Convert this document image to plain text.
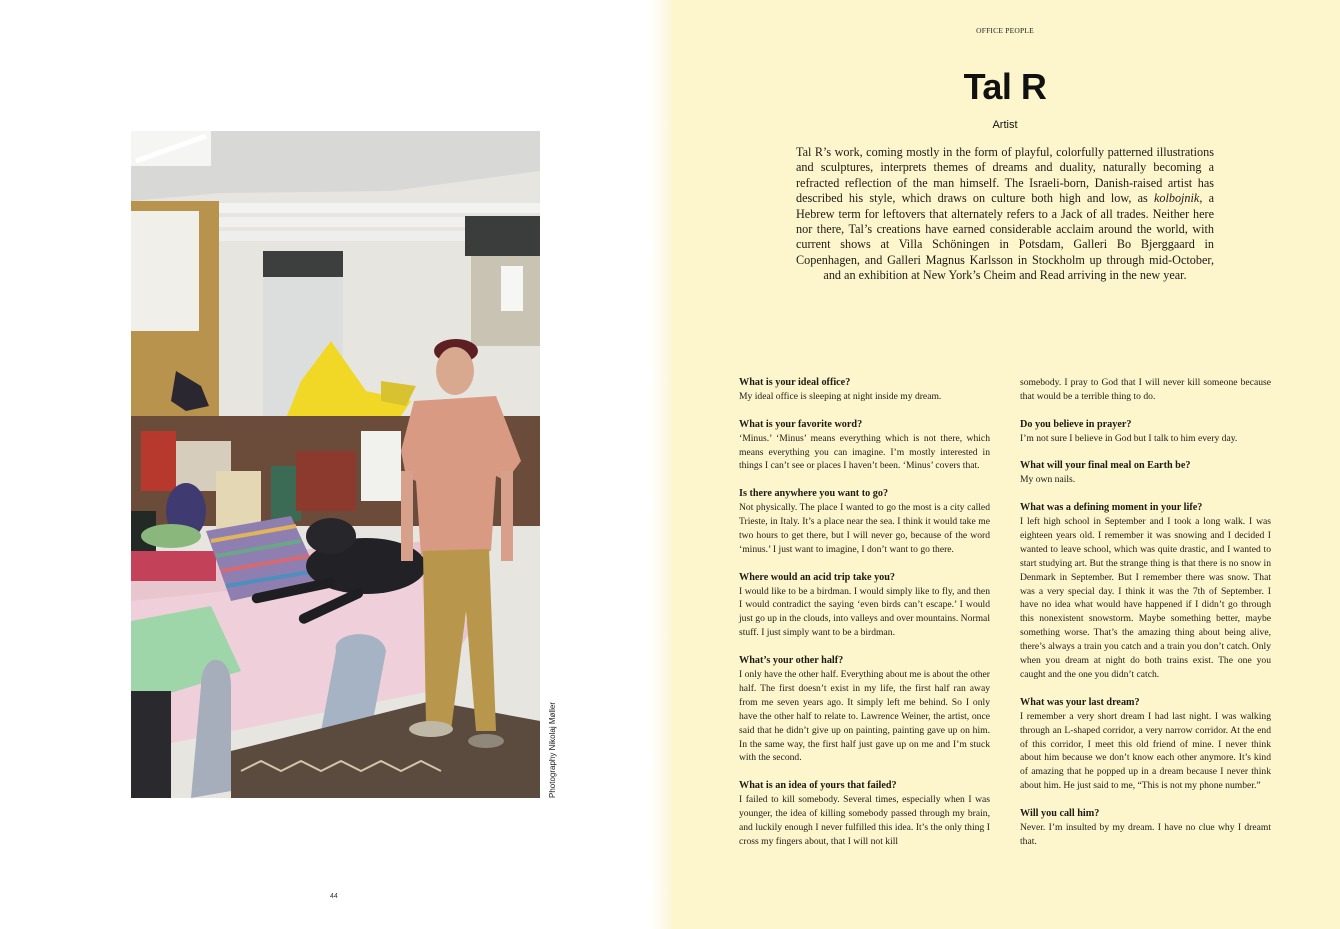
Photography Nikolaj Møller
44
OFFICE PEOPLE
Tal R
Artist

Tal R’s work, coming mostly in the form of playful, colorfully patterned illustrations and sculptures, interprets themes of dreams and duality, naturally becoming a refracted reflection of the man himself. The Israeli-born, Danish-raised artist has described his style, which draws on culture both high and low, as kolbojnik, a Hebrew term for leftovers that alternately refers to a Jack of all trades. Neither here nor there, Tal’s creations have earned considerable acclaim around the world, with current shows at Villa Schöningen in Potsdam, Galleri Bo Bjerggaard in Copenhagen, and Galleri Magnus Karlsson in Stockholm up through mid-October, and an exhibition at New York’s Cheim and Read arriving in the new year.

What is your ideal office?
My ideal office is sleeping at night inside my dream.
What is your favorite word?
‘Minus.’ ‘Minus’ means everything which is not there, which means everything you can imagine. I’m mostly interested in things I can’t see or places I haven’t been. ‘Minus’ covers that.
Is there anywhere you want to go?
Not physically. The place I wanted to go the most is a city called Trieste, in Italy. It’s a place near the sea. I think it would take me two hours to get there, but I will never go, because of the word ‘minus.’ I just want to imagine, I don’t want to go there.
Where would an acid trip take you?
I would like to be a birdman. I would simply like to fly, and then I would contradict the saying ‘even birds can’t escape.’ I would just go up in the clouds, into valleys and over mountains. Normal stuff. I just simply want to be a birdman.
What’s your other half?
I only have the other half. Everything about me is about the other half. The first doesn’t exist in my life, the first half ran away from me seven years ago. It simply left me behind. So I only have the other half to relate to. Lawrence Weiner, the artist, once said that he didn’t give up on painting, painting gave up on him. In the same way, the first half just gave up on me and I’m stuck with the second.
What is an idea of yours that failed?
I failed to kill somebody. Several times, especially when I was younger, the idea of killing somebody passed through my brain, and luckily enough I never fulfilled this idea. It’s the only thing I cross my fingers about, that I will not kill
somebody. I pray to God that I will never kill someone because that would be a terrible thing to do.
Do you believe in prayer?
I’m not sure I believe in God but I talk to him every day.
What will your final meal on Earth be?
My own nails.
What was a defining moment in your life?
I left high school in September and I took a long walk. I was eighteen years old. I remember it was snowing and I decided I wanted to leave school, which was quite drastic, and I wanted to start studying art. But the strange thing is that there is no snow in Denmark in September. But I remember there was snow. That was a very special day. I think it was the 7th of September. I have no idea what would have happened if I didn’t go through this nonexistent snowstorm. Maybe something better, maybe something worse. That’s the amazing thing about being alive, there’s always a train you catch and a train you don’t catch. Only when you dream at night do both trains exist. The one you caught and the one you didn’t catch.
What was your last dream?
I remember a very short dream I had last night. I was walking through an L-shaped corridor, a very narrow corridor. At the end of this corridor, I meet this old friend of mine. I never think about him because we don’t know each other anymore. It’s kind of amazing that he popped up in a dream because I never think about him. He just said to me, “This is not my phone number.”
Will you call him?
Never. I’m insulted by my dream. I have no clue why I dreamt that.
